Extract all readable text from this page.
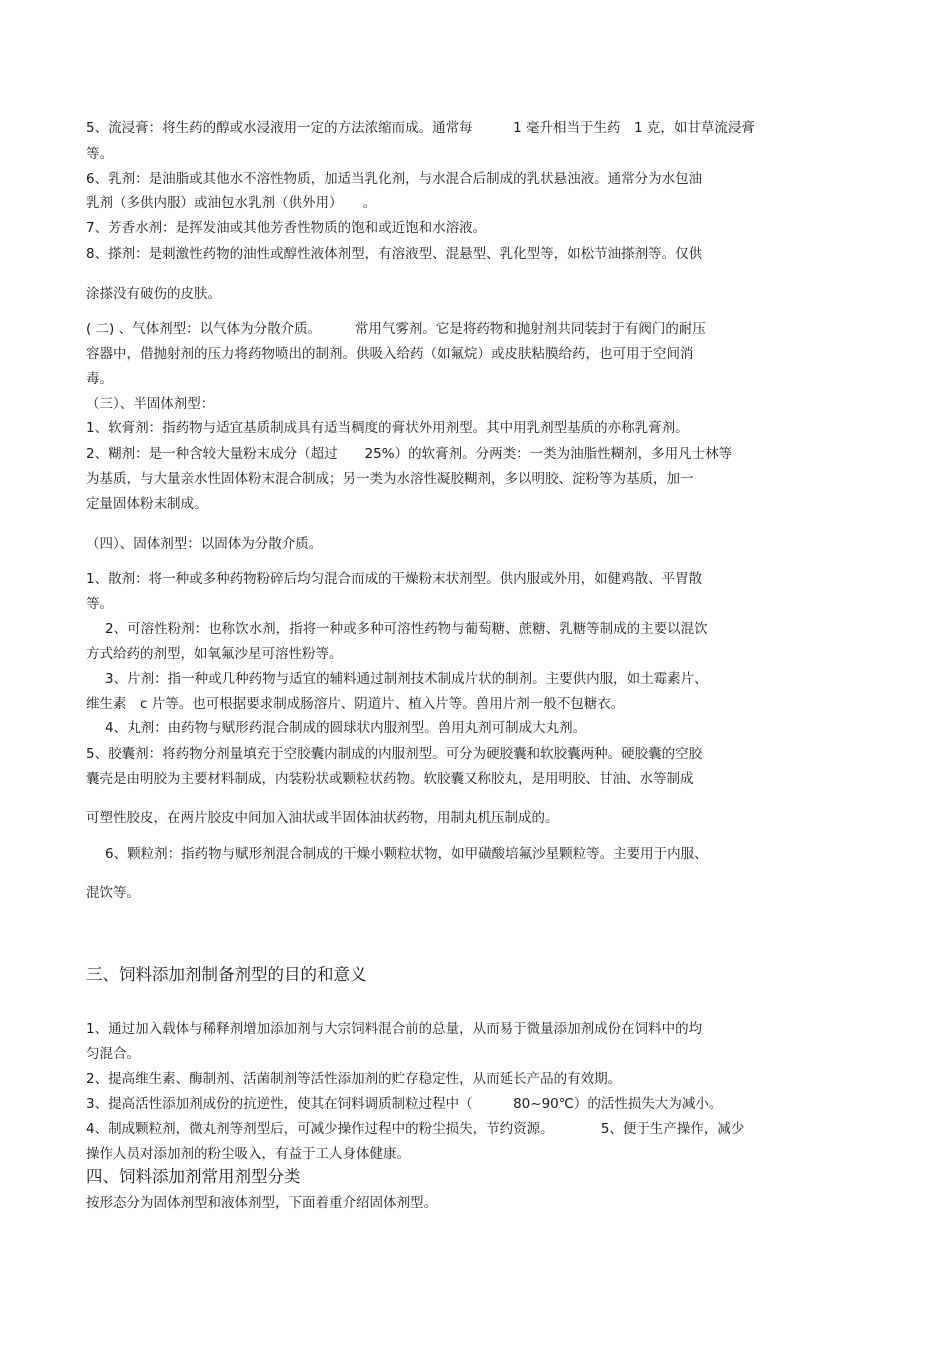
5、流浸膏：将生药的醇或水浸液用一定的方法浓缩而成。通常每　　　1 毫升相当于生药　1 克，如甘草流浸膏
等。
6、乳剂：是油脂或其他水不溶性物质，加适当乳化剂，与水混合后制成的乳状悬浊液。通常分为水包油
乳剂（多供内服）或油包水乳剂（供外用）　　。
7、芳香水剂：是挥发油或其他芳香性物质的饱和或近饱和水溶液。
8、搽剂：是刺激性药物的油性或醇性液体剂型，有溶液型、混悬型、乳化型等，如松节油搽剂等。仅供
涂搽没有破伤的皮肤。
( 二) 、气体剂型：以气体为分散介质。　　　常用气雾剂。它是将药物和抛射剂共同装封于有阀门的耐压
容器中，借抛射剂的压力将药物喷出的制剂。供吸入给药（如氟烷）或皮肤粘膜给药，也可用于空间消
毒。
（三）、半固体剂型：
1、软膏剂：指药物与适宜基质制成具有适当稠度的膏状外用剂型。其中用乳剂型基质的亦称乳膏剂。
2、糊剂：是一种含较大量粉末成分（超过　　25%）的软膏剂。分两类：一类为油脂性糊剂，多用凡士林等
为基质，与大量亲水性固体粉末混合制成；另一类为水溶性凝胶糊剂，多以明胶、淀粉等为基质，加一
定量固体粉末制成。
（四）、固体剂型：以固体为分散介质。
1、散剂：将一种或多种药物粉碎后均匀混合而成的干燥粉末状剂型。供内服或外用，如健鸡散、平胃散
等。
2、可溶性粉剂：也称饮水剂，指将一种或多种可溶性药物与葡萄糖、蔗糖、乳糖等制成的主要以混饮
方式给药的剂型，如氧氟沙星可溶性粉等。
3、片剂：指一种或几种药物与适宜的辅料通过制剂技术制成片状的制剂。主要供内服，如土霉素片、
维生素　c 片等。也可根据要求制成肠溶片、阴道片、植入片等。兽用片剂一般不包糖衣。
4、丸剂：由药物与赋形药混合制成的圆球状内服剂型。兽用丸剂可制成大丸剂。
5、胶囊剂：将药物分剂量填充于空胶囊内制成的内服剂型。可分为硬胶囊和软胶囊两种。硬胶囊的空胶
囊壳是由明胶为主要材料制成，内装粉状或颗粒状药物。软胶囊又称胶丸，是用明胶、甘油、水等制成
可塑性胶皮，在两片胶皮中间加入油状或半固体油状药物，用制丸机压制成的。
6、颗粒剂：指药物与赋形剂混合制成的干燥小颗粒状物，如甲磺酸培氟沙星颗粒等。主要用于内服、
混饮等。
三、饲料添加剂制备剂型的目的和意义
1、通过加入载体与稀释剂增加添加剂与大宗饲料混合前的总量，从而易于微量添加剂成份在饲料中的均
匀混合。
2、提高维生素、酶制剂、活菌制剂等活性添加剂的贮存稳定性，从而延长产品的有效期。
3、提高活性添加剂成份的抗逆性，使其在饲料调质制粒过程中（　　　80~90℃）的活性损失大为减小。
4、制成颗粒剂，微丸剂等剂型后，可减少操作过程中的粉尘损失，节约资源。　　　　5、便于生产操作，减少
操作人员对添加剂的粉尘吸入，有益于工人身体健康。
四、饲料添加剂常用剂型分类
按形态分为固体剂型和液体剂型，下面着重介绍固体剂型。
